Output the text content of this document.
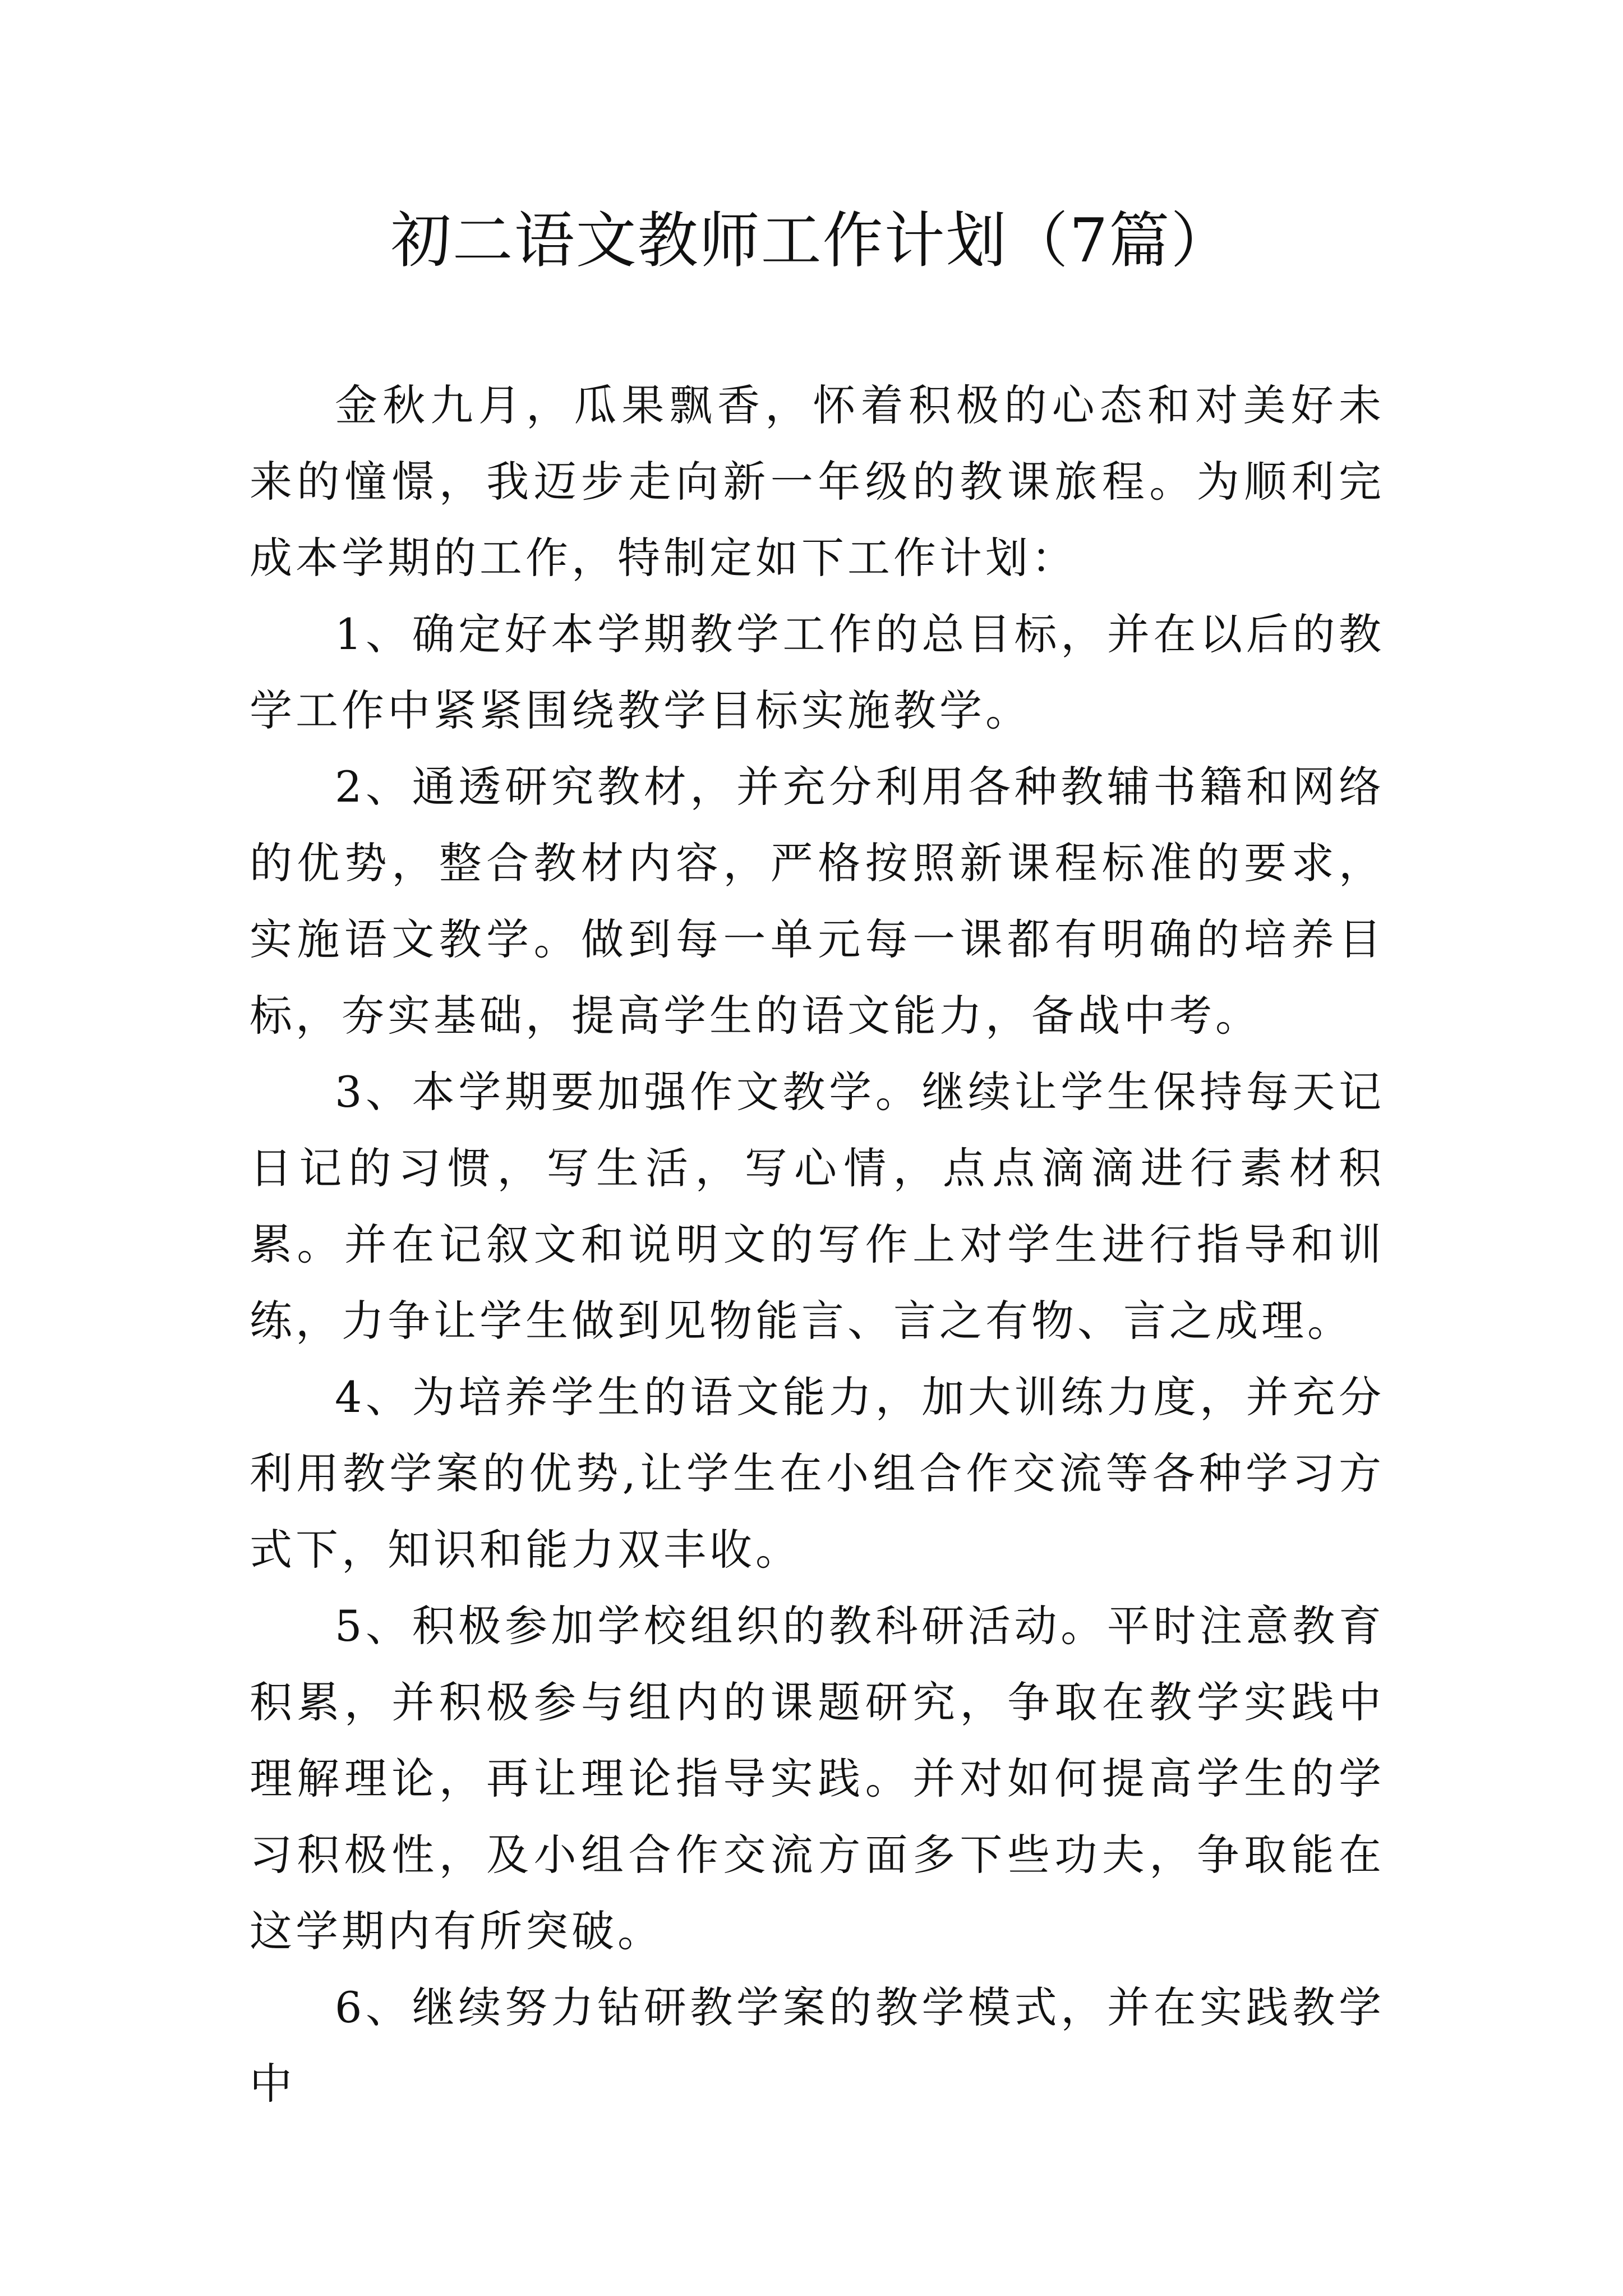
初二语文教师工作计划（7篇）

金秋九月，瓜果飘香，怀着积极的心态和对美好未来的憧憬，我迈步走向新一年级的教课旅程。为顺利完成本学期的工作，特制定如下工作计划：

1、确定好本学期教学工作的总目标，并在以后的教学工作中紧紧围绕教学目标实施教学。

2、通透研究教材，并充分利用各种教辅书籍和网络的优势，整合教材内容，严格按照新课程标准的要求，实施语文教学。做到每一单元每一课都有明确的培养目标，夯实基础，提高学生的语文能力，备战中考。

3、本学期要加强作文教学。继续让学生保持每天记日记的习惯，写生活，写心情，点点滴滴进行素材积累。并在记叙文和说明文的写作上对学生进行指导和训练，力争让学生做到见物能言、言之有物、言之成理。

4、为培养学生的语文能力，加大训练力度，并充分利用教学案的优势,让学生在小组合作交流等各种学习方式下，知识和能力双丰收。

5、积极参加学校组织的教科研活动。平时注意教育积累，并积极参与组内的课题研究，争取在教学实践中理解理论，再让理论指导实践。并对如何提高学生的学习积极性，及小组合作交流方面多下些功夫，争取能在这学期内有所突破。

6、继续努力钻研教学案的教学模式，并在实践教学中
